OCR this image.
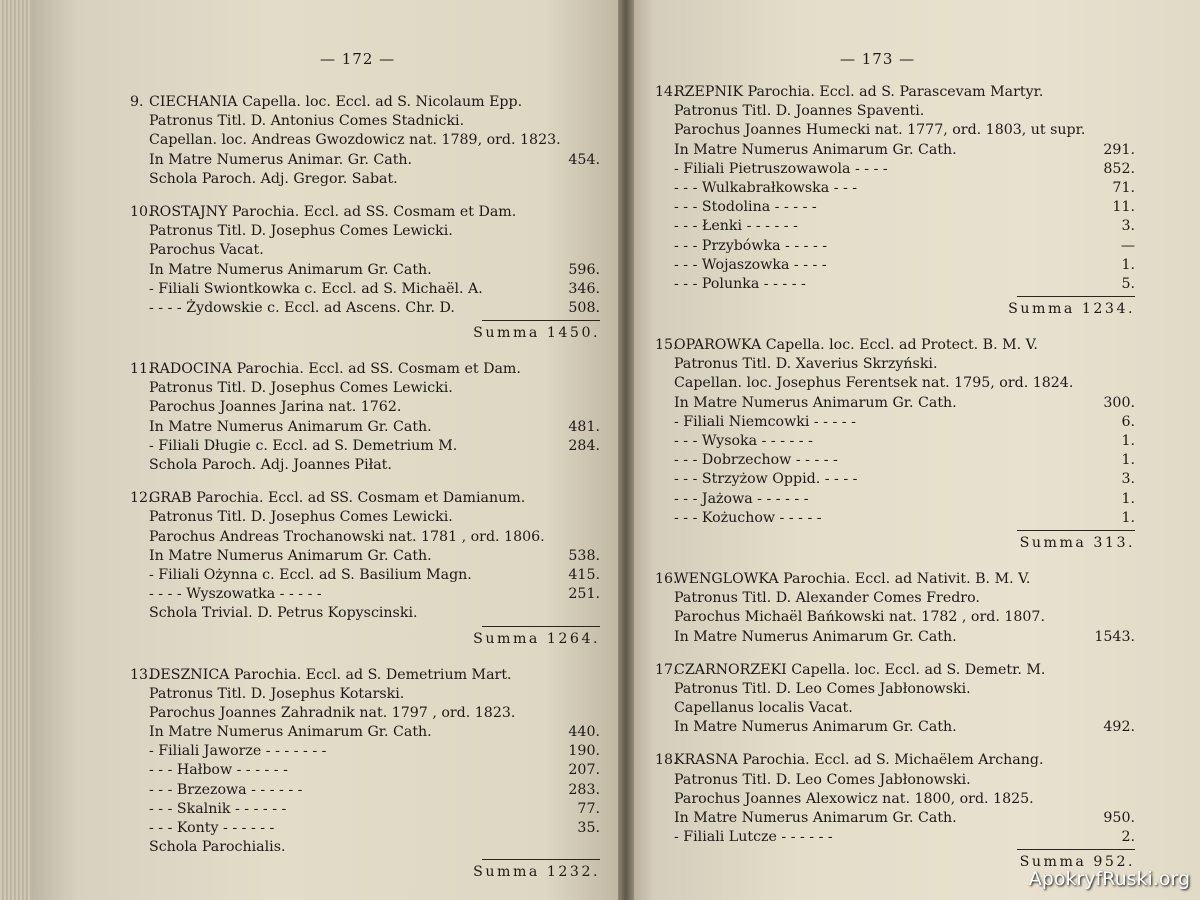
— 172 —
9. CIECHANIA Capella. loc. Eccl. ad S. Nicolaum Epp.
Patronus Titl. D. Antonius Comes Stadnicki.
Capellan. loc. Andreas Gwozdowicz nat. 1789, ord. 1823.
In Matre Numerus Animar. Gr. Cath.	454.
Schola Paroch. Adj. Gregor. Sabat.
10.ROSTAJNY Parochia. Eccl. ad SS. Cosmam et Dam.
Patronus Titl. D. Josephus Comes Lewicki.
Parochus Vacat.
In Matre Numerus Animarum Gr. Cath.	596.
- Filiali Swiontkowka c. Eccl. ad S. Michaël. A.	346.
- - - - Żydowskie c. Eccl. ad Ascens. Chr. D.	508.
Summa 1450.
11.RADOCINA Parochia. Eccl. ad SS. Cosmam et Dam.
Patronus Titl. D. Josephus Comes Lewicki.
Parochus Joannes Jarina nat. 1762.
In Matre Numerus Animarum Gr. Cath.	481.
- Filiali Długie c. Eccl. ad S. Demetrium M.	284.
Schola Paroch. Adj. Joannes Piłat.
12.GRAB Parochia. Eccl. ad SS. Cosmam et Damianum.
Patronus Titl. D. Josephus Comes Lewicki.
Parochus Andreas Trochanowski nat. 1781 , ord. 1806.
In Matre Numerus Animarum Gr. Cath.	538.
- Filiali Ożynna c. Eccl. ad S. Basilium Magn.	415.
- - - - Wyszowatka - - - - -	251.
Schola Trivial. D. Petrus Kopyscinski.
Summa 1264.
13.DESZNICA Parochia. Eccl. ad S. Demetrium Mart.
Patronus Titl. D. Josephus Kotarski.
Parochus Joannes Zahradnik nat. 1797 , ord. 1823.
In Matre Numerus Animarum Gr. Cath.	440.
- Filiali Jaworze - - - - - - -	190.
- - - Hałbow - - - - - -	207.
- - - Brzezowa - - - - - -	283.
- - - Skalnik - - - - - -	77.
- - - Konty - - - - - -	35.
Schola Parochialis.
Summa 1232.
— 173 —
14.RZEPNIK Parochia. Eccl. ad S. Parascevam Martyr.
Patronus Titl. D. Joannes Spaventi.
Parochus Joannes Humecki nat. 1777, ord. 1803, ut supr.
In Matre Numerus Animarum Gr. Cath.	291.
- Filiali Pietruszowawola - - - -	852.
- - - Wulkabrałkowska - - -	71.
- - - Stodolina - - - - -	11.
- - - Łenki - - - - - -	3.
- - - Przybówka - - - - -	—
- - - Wojaszowka - - - -	1.
- - - Polunka - - - - -	5.
Summa 1234.
15.OPAROWKA Capella. loc. Eccl. ad Protect. B. M. V.
Patronus Titl. D. Xaverius Skrzyński.
Capellan. loc. Josephus Ferentsek nat. 1795, ord. 1824.
In Matre Numerus Animarum Gr. Cath.	300.
- Filiali Niemcowki - - - - -	6.
- - - Wysoka - - - - - -	1.
- - - Dobrzechow - - - - -	1.
- - - Strzyżow Oppid. - - - -	3.
- - - Jażowa - - - - - -	1.
- - - Kożuchow - - - - -	1.
Summa 313.
16.WENGLOWKA Parochia. Eccl. ad Nativit. B. M. V.
Patronus Titl. D. Alexander Comes Fredro.
Parochus Michaël Bańkowski nat. 1782 , ord. 1807.
In Matre Numerus Animarum Gr. Cath.	1543.
17.CZARNORZEKI Capella. loc. Eccl. ad S. Demetr. M.
Patronus Titl. D. Leo Comes Jabłonowski.
Capellanus localis Vacat.
In Matre Numerus Animarum Gr. Cath.	492.
18.KRASNA Parochia. Eccl. ad S. Michaëlem Archang.
Patronus Titl. D. Leo Comes Jabłonowski.
Parochus Joannes Alexowicz nat. 1800, ord. 1825.
In Matre Numerus Animarum Gr. Cath.	950.
- Filiali Lutcze - - - - - -	2.
Summa 952.
ApokryfRuski.org
